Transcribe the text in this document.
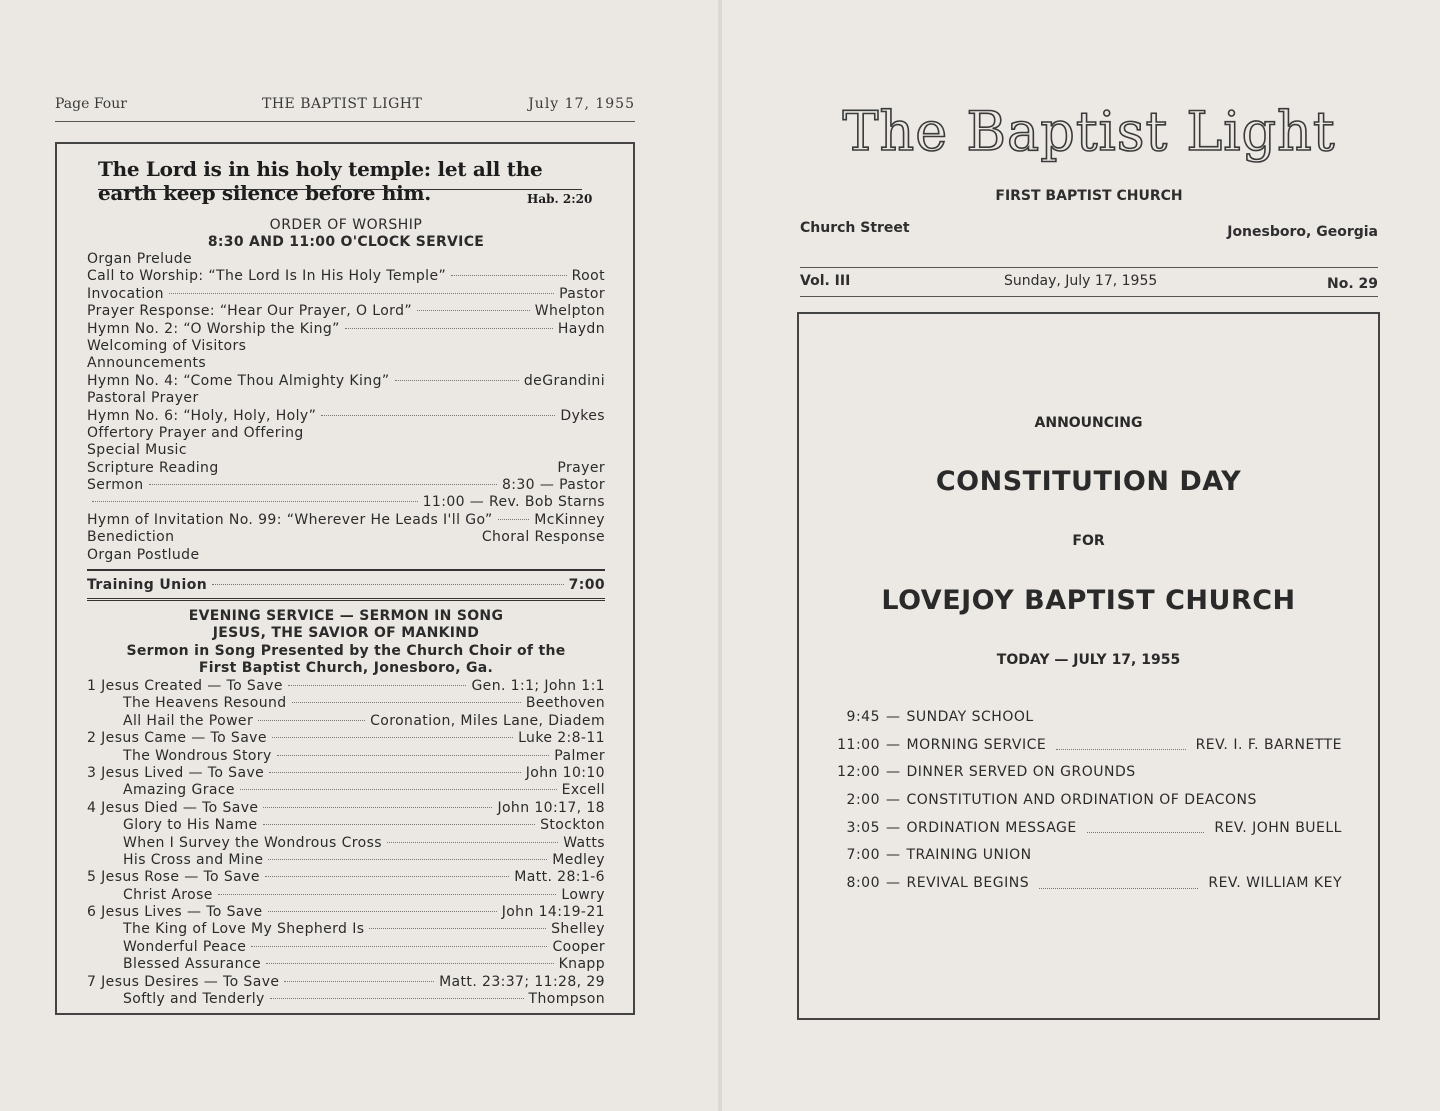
Page Four	THE BAPTIST LIGHT	July 17, 1955
The Lord is in his holy temple: let all the earth keep silence before him.	Hab. 2:20
ORDER OF WORSHIP
8:30 AND 11:00 O'CLOCK SERVICE
Organ Prelude
Call to Worship: “The Lord Is In His Holy Temple”	Root
Invocation	Pastor
Prayer Response: “Hear Our Prayer, O Lord”	Whelpton
Hymn No. 2: “O Worship the King”	Haydn
Welcoming of Visitors
Announcements
Hymn No. 4: “Come Thou Almighty King”	deGrandini
Pastoral Prayer
Hymn No. 6: “Holy, Holy, Holy”	Dykes
Offertory Prayer and Offering
Special Music
Scripture Reading	Prayer
Sermon	8:30 — Pastor
11:00 — Rev. Bob Starns
Hymn of Invitation No. 99: “Wherever He Leads I'll Go”	McKinney
Benediction	Choral Response
Organ Postlude
Training Union	7:00
EVENING SERVICE — SERMON IN SONG
JESUS, THE SAVIOR OF MANKIND
Sermon in Song Presented by the Church Choir of the
First Baptist Church, Jonesboro, Ga.
1 Jesus Created — To Save	Gen. 1:1; John 1:1
The Heavens Resound	Beethoven
All Hail the Power	Coronation, Miles Lane, Diadem
2 Jesus Came — To Save	Luke 2:8-11
The Wondrous Story	Palmer
3 Jesus Lived — To Save	John 10:10
Amazing Grace	Excell
4 Jesus Died — To Save	John 10:17, 18
Glory to His Name	Stockton
When I Survey the Wondrous Cross	Watts
His Cross and Mine	Medley
5 Jesus Rose — To Save	Matt. 28:1-6
Christ Arose	Lowry
6 Jesus Lives — To Save	John 14:19-21
The King of Love My Shepherd Is	Shelley
Wonderful Peace	Cooper
Blessed Assurance	Knapp
7 Jesus Desires — To Save	Matt. 23:37; 11:28, 29
Softly and Tenderly	Thompson
The Baptist Light
FIRST BAPTIST CHURCH
Church Street	Jonesboro, Georgia
Vol. III	Sunday, July 17, 1955	No. 29
ANNOUNCING
CONSTITUTION DAY
FOR
LOVEJOY BAPTIST CHURCH
TODAY — JULY 17, 1955
9:45 — SUNDAY SCHOOL
11:00 — MORNING SERVICE	REV. I. F. BARNETTE
12:00 — DINNER SERVED ON GROUNDS
2:00 — CONSTITUTION AND ORDINATION OF DEACONS
3:05 — ORDINATION MESSAGE	REV. JOHN BUELL
7:00 — TRAINING UNION
8:00 — REVIVAL BEGINS	REV. WILLIAM KEY
